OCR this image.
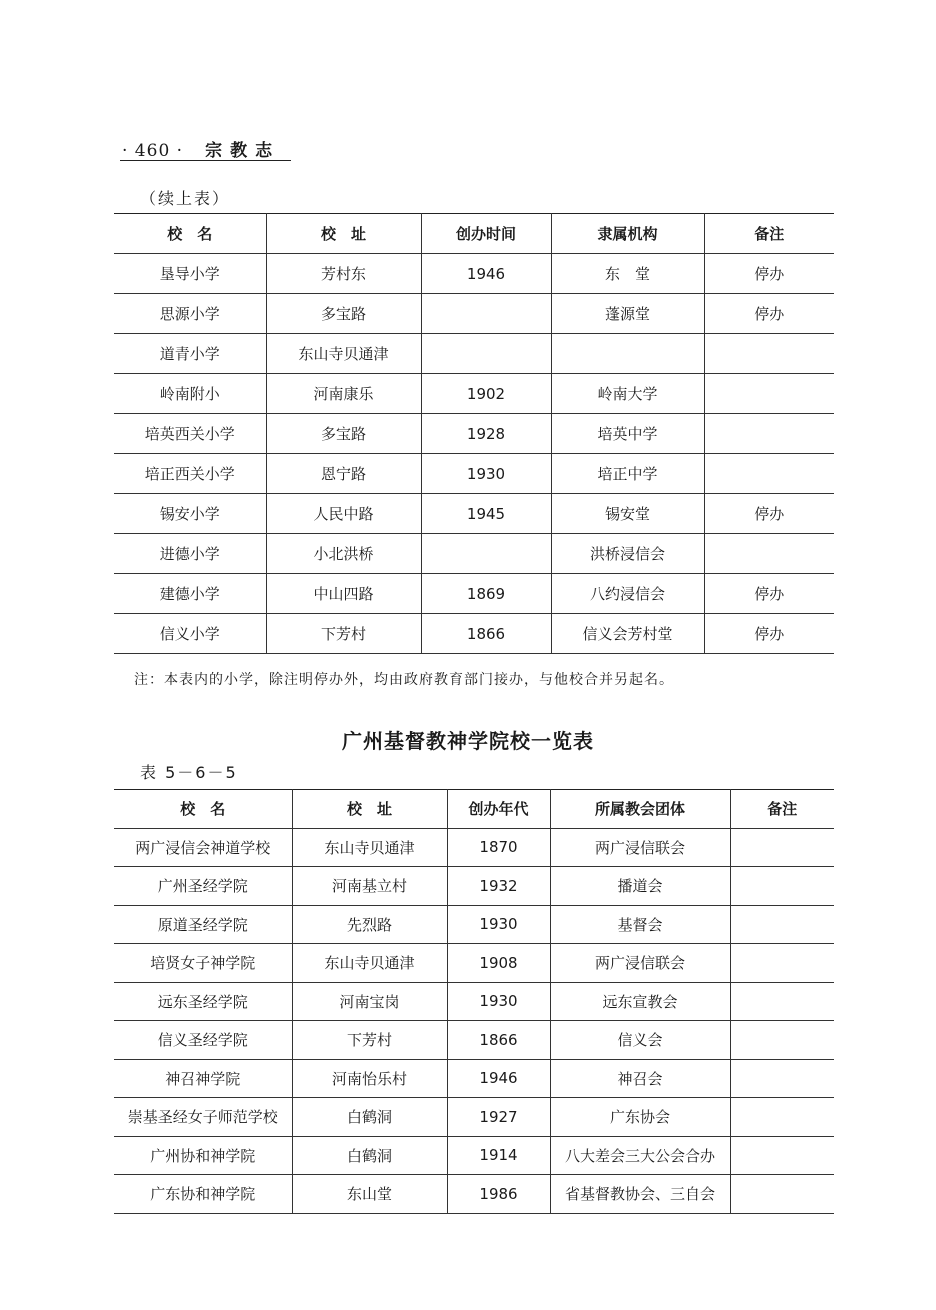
· 460 · 宗教志
（续上表）
校　名	校　址	创办时间	隶属机构	备注
垦导小学	芳村东	1946	东　堂	停办
思源小学	多宝路		蓬源堂	停办
道青小学	东山寺贝通津			
岭南附小	河南康乐	1902	岭南大学	
培英西关小学	多宝路	1928	培英中学	
培正西关小学	恩宁路	1930	培正中学	
锡安小学	人民中路	1945	锡安堂	停办
进德小学	小北洪桥		洪桥浸信会	
建德小学	中山四路	1869	八约浸信会	停办
信义小学	下芳村	1866	信义会芳村堂	停办
注：本表内的小学，除注明停办外，均由政府教育部门接办，与他校合并另起名。
广州基督教神学院校一览表
表 5－6－5
校　名	校　址	创办年代	所属教会团体	备注
两广浸信会神道学校	东山寺贝通津	1870	两广浸信联会	
广州圣经学院	河南基立村	1932	播道会	
原道圣经学院	先烈路	1930	基督会	
培贤女子神学院	东山寺贝通津	1908	两广浸信联会	
远东圣经学院	河南宝岗	1930	远东宣教会	
信义圣经学院	下芳村	1866	信义会	
神召神学院	河南怡乐村	1946	神召会	
崇基圣经女子师范学校	白鹤洞	1927	广东协会	
广州协和神学院	白鹤洞	1914	八大差会三大公会合办	
广东协和神学院	东山堂	1986	省基督教协会、三自会	
